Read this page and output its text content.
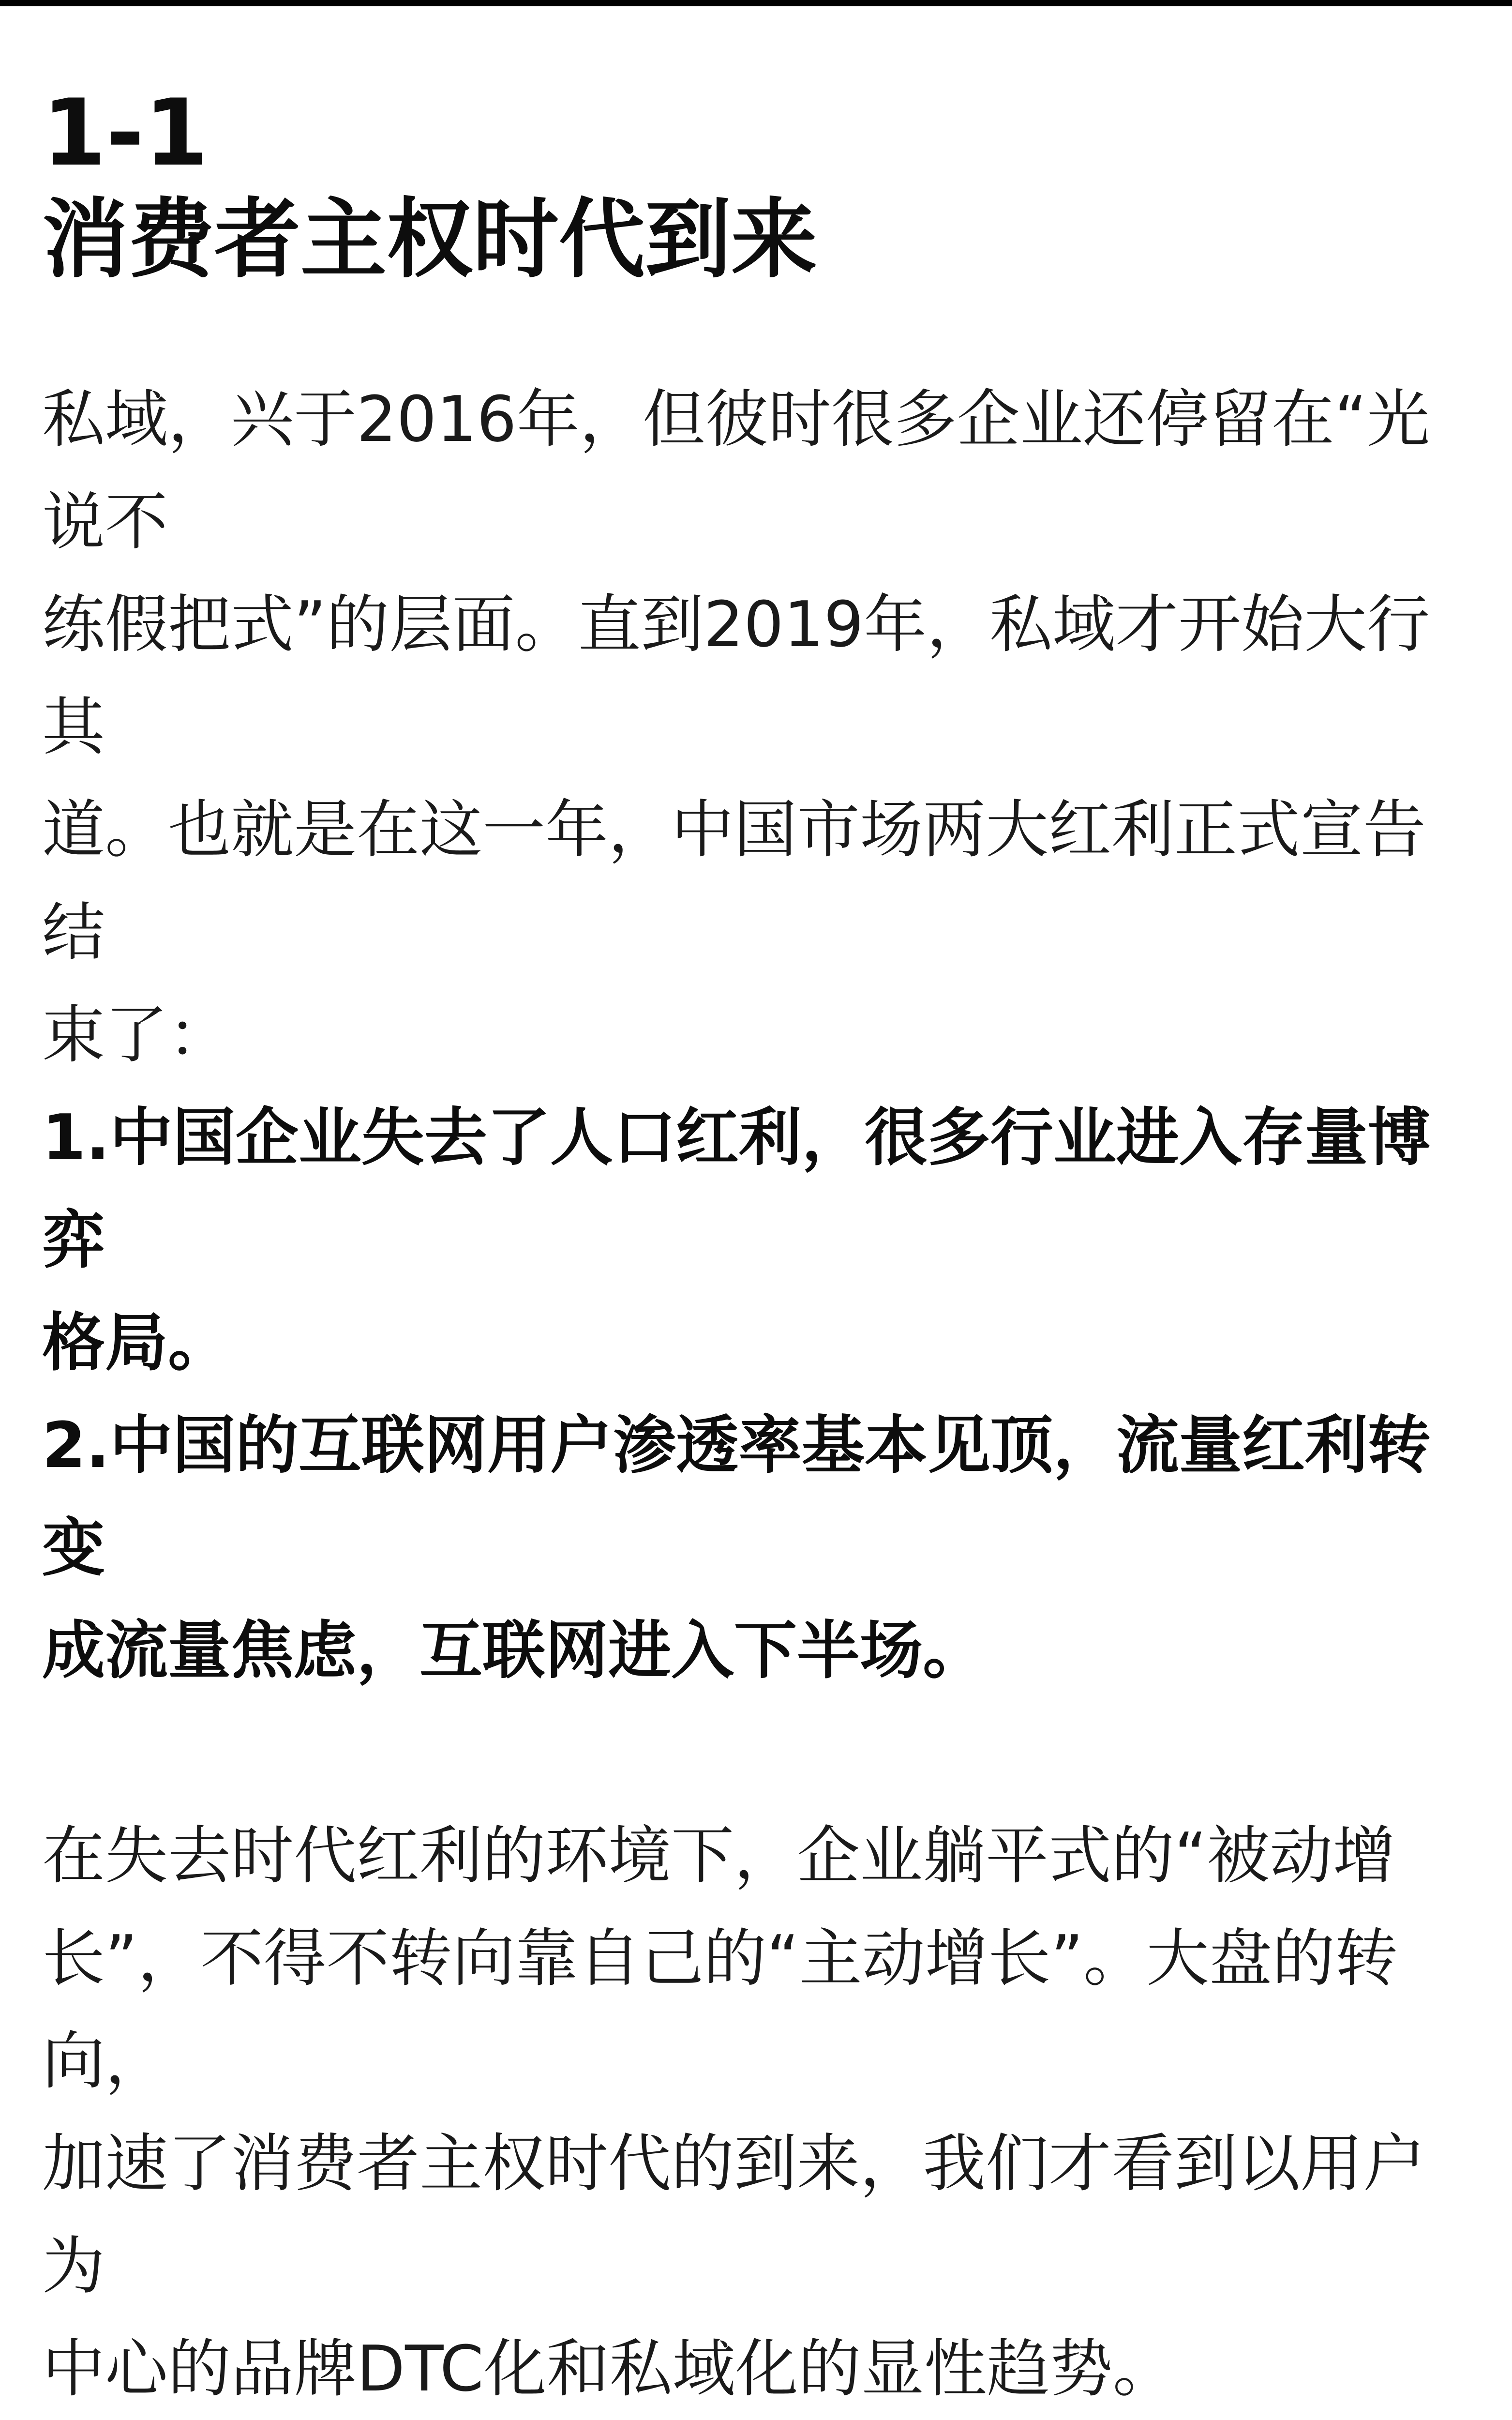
1-1
消费者主权时代到来

私域，兴于2016年，但彼时很多企业还停留在“光说不

练假把式”的层面。直到2019年，私域才开始大行其

道。也就是在这一年，中国市场两大红利正式宣告结

束了：

1.中国企业失去了人口红利，很多行业进入存量博弈

格局。

2.中国的互联网用户渗透率基本见顶，流量红利转变

成流量焦虑，互联网进入下半场。

在失去时代红利的环境下，企业躺平式的“被动增

长”，不得不转向靠自己的“主动增长”。大盘的转向，

加速了消费者主权时代的到来，我们才看到以用户为

中心的品牌DTC化和私域化的显性趋势。
